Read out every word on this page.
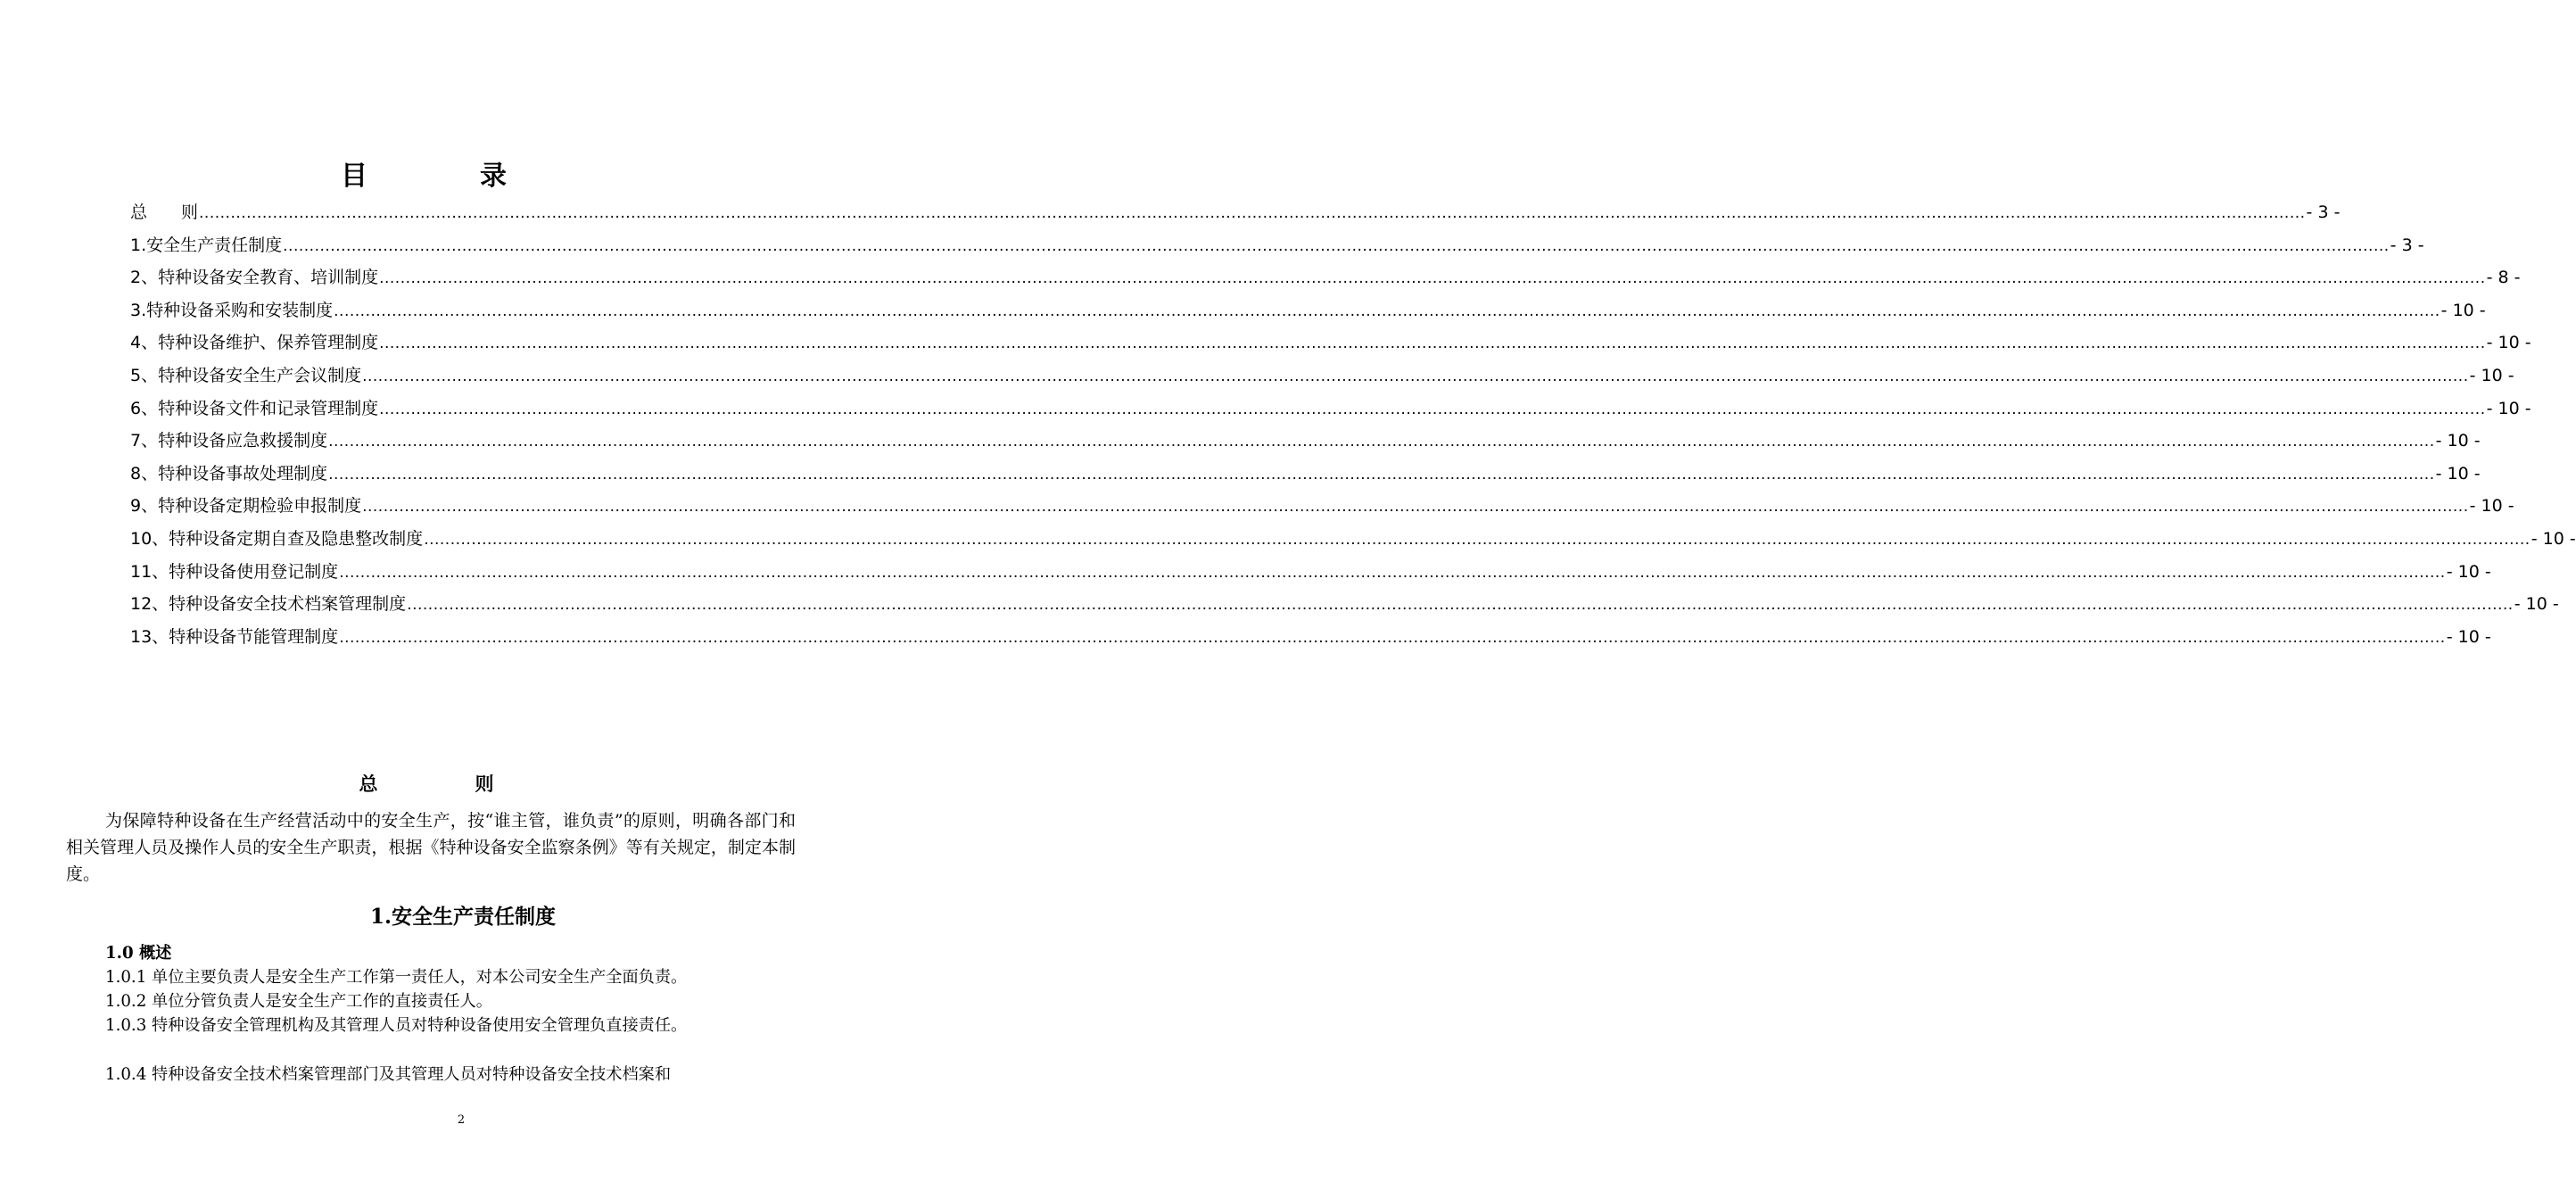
目　录
总　　则 ................................................................................................................................................................................................................................................................................................................................................................................................................ - 3 -
1.安全生产责任制度 ................................................................................................................................................................................................................................................................................................................................................................................................................ - 3 -
2、特种设备安全教育、培训制度 ................................................................................................................................................................................................................................................................................................................................................................................................................ - 8 -
3.特种设备采购和安装制度 ................................................................................................................................................................................................................................................................................................................................................................................................................ - 10 -
4、特种设备维护、保养管理制度 ................................................................................................................................................................................................................................................................................................................................................................................................................ - 10 -
5、特种设备安全生产会议制度 ................................................................................................................................................................................................................................................................................................................................................................................................................ - 10 -
6、特种设备文件和记录管理制度 ................................................................................................................................................................................................................................................................................................................................................................................................................ - 10 -
7、特种设备应急救援制度 ................................................................................................................................................................................................................................................................................................................................................................................................................ - 10 -
8、特种设备事故处理制度 ................................................................................................................................................................................................................................................................................................................................................................................................................ - 10 -
9、特种设备定期检验申报制度 ................................................................................................................................................................................................................................................................................................................................................................................................................ - 10 -
10、特种设备定期自查及隐患整改制度 ................................................................................................................................................................................................................................................................................................................................................................................................................ - 10 -
11、特种设备使用登记制度 ................................................................................................................................................................................................................................................................................................................................................................................................................ - 10 -
12、特种设备安全技术档案管理制度 ................................................................................................................................................................................................................................................................................................................................................................................................................ - 10 -
13、特种设备节能管理制度 ................................................................................................................................................................................................................................................................................................................................................................................................................ - 10 -
总　则

为保障特种设备在生产经营活动中的安全生产，按“谁主管，谁负责”的原则，明确各部门和相关管理人员及操作人员的安全生产职责，根据《特种设备安全监察条例》等有关规定，制定本制度。

1.安全生产责任制度

1.0 概述

1.0.1 单位主要负责人是安全生产工作第一责任人，对本公司安全生产全面负责。

1.0.2 单位分管负责人是安全生产工作的直接责任人。

1.0.3 特种设备安全管理机构及其管理人员对特种设备使用安全管理负直接责任。

1.0.4 特种设备安全技术档案管理部门及其管理人员对特种设备安全技术档案和

2
